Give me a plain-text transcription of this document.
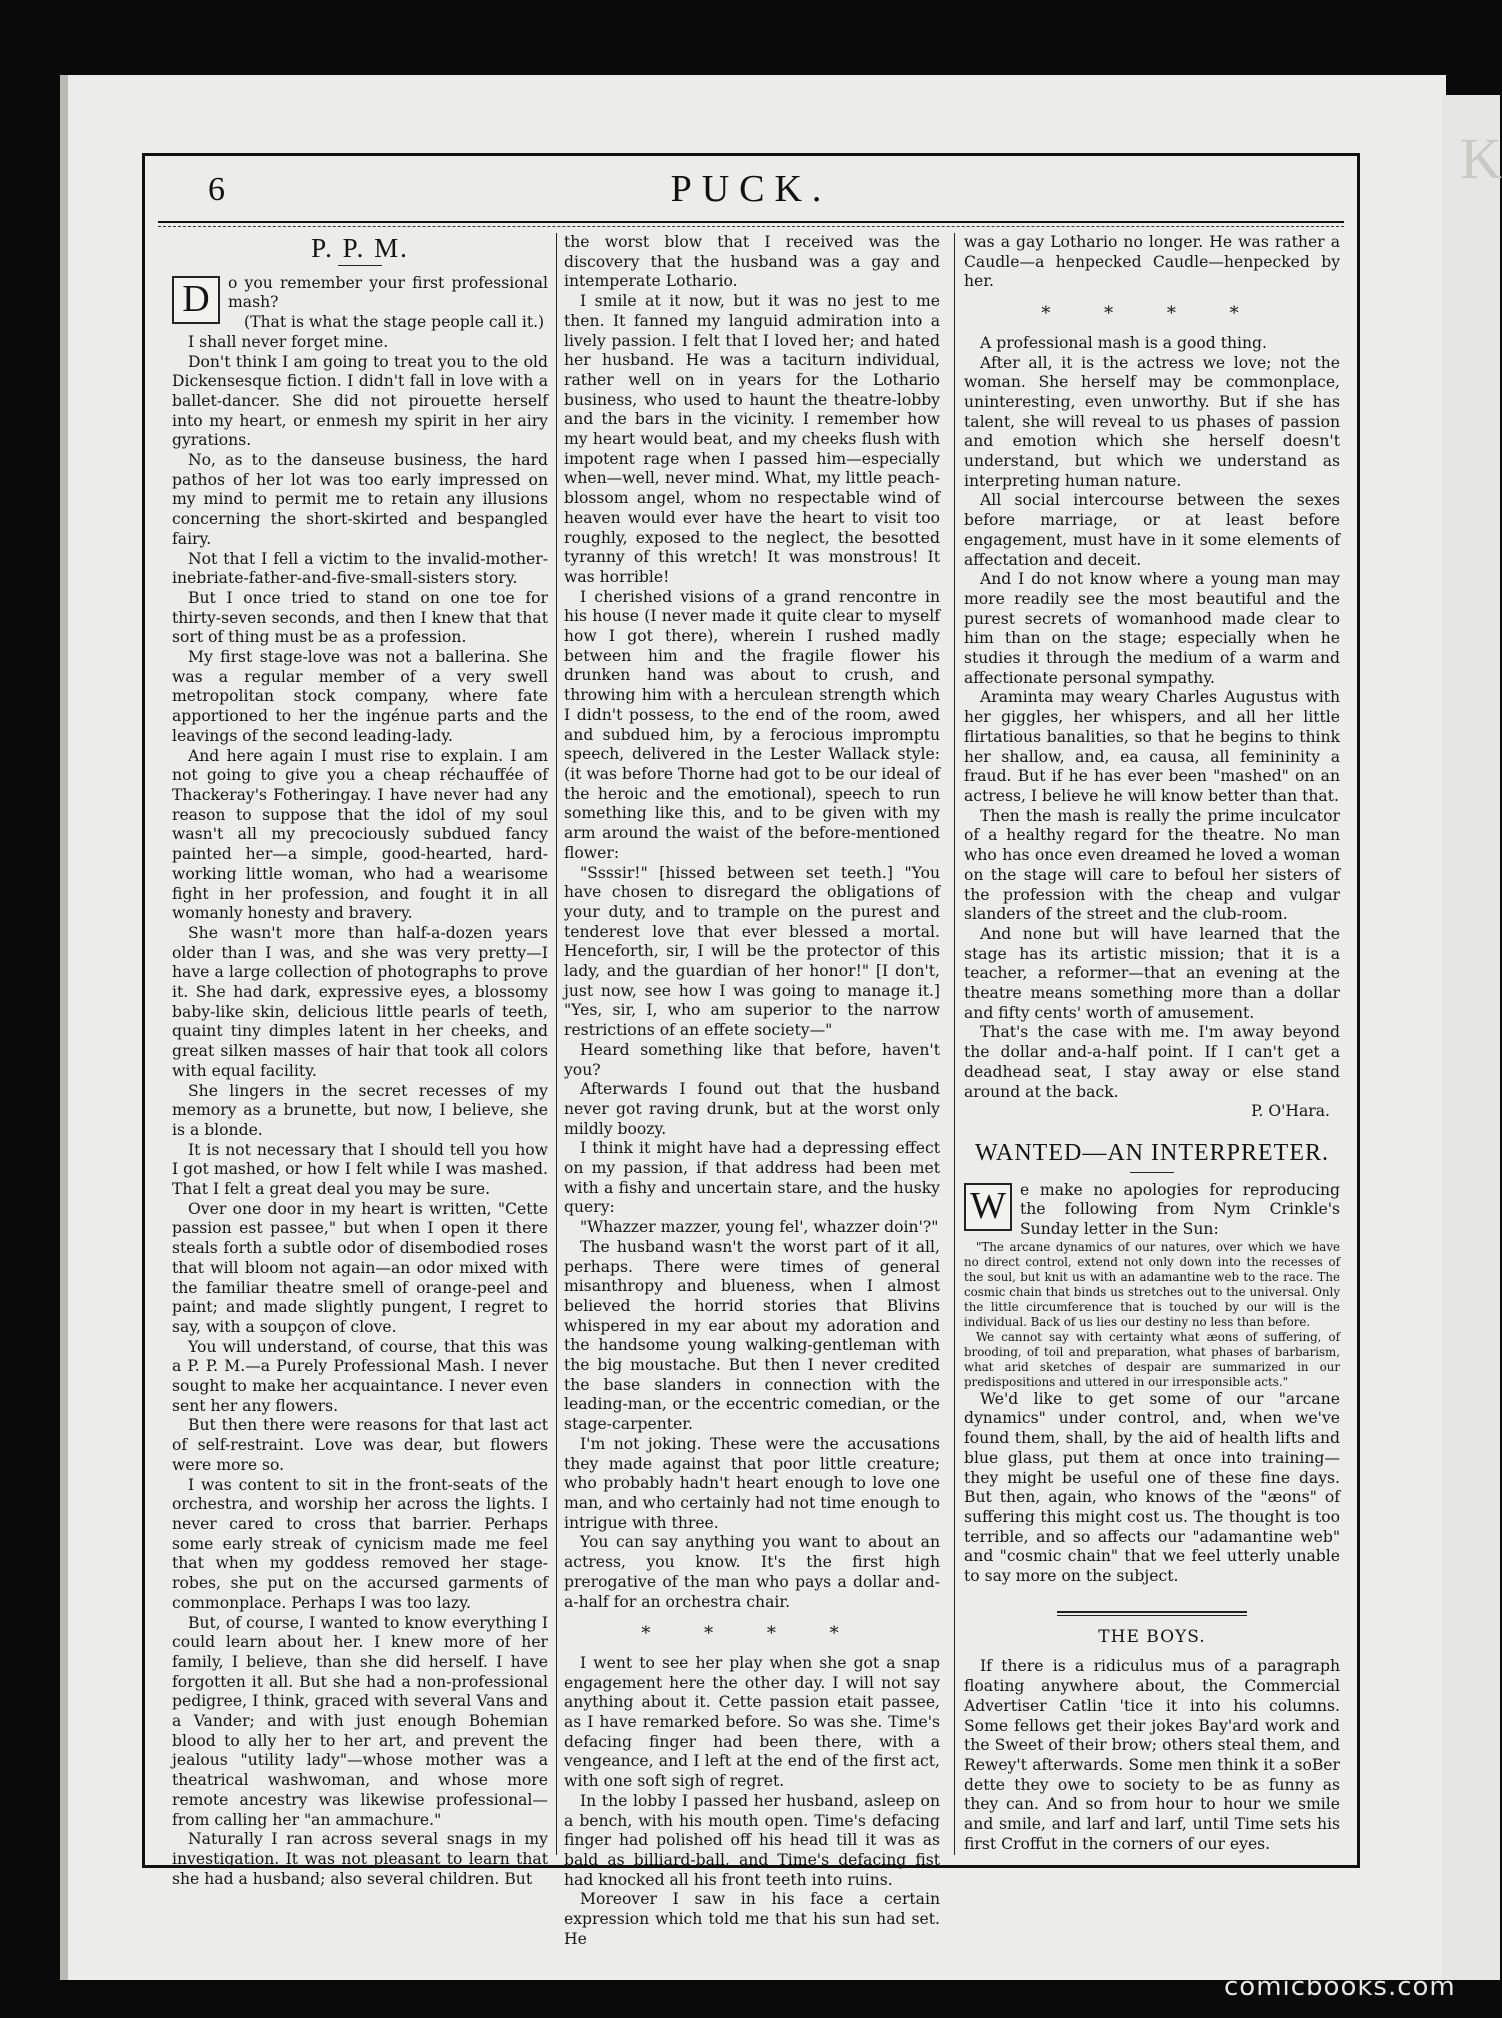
K
6	PUCK.
P. P. M.

D	o you remember your first professional mash?

(That is what the stage people call it.)

I shall never forget mine.

Don't think I am going to treat you to the old Dickensesque fiction. I didn't fall in love with a ballet-dancer. She did not pirouette herself into my heart, or enmesh my spirit in her airy gyrations.

No, as to the danseuse business, the hard pathos of her lot was too early impressed on my mind to permit me to retain any illusions concerning the short-skirted and bespangled fairy.

Not that I fell a victim to the invalid-mother-inebriate-father-and-five-small-sisters story.

But I once tried to stand on one toe for thirty-seven seconds, and then I knew that that sort of thing must be as a profession.

My first stage-love was not a ballerina. She was a regular member of a very swell metropolitan stock company, where fate apportioned to her the ingénue parts and the leavings of the second leading-lady.

And here again I must rise to explain. I am not going to give you a cheap réchauffée of Thackeray's Fotheringay. I have never had any reason to suppose that the idol of my soul wasn't all my precociously subdued fancy painted her—a simple, good-hearted, hard-working little woman, who had a wearisome fight in her profession, and fought it in all womanly honesty and bravery.

She wasn't more than half-a-dozen years older than I was, and she was very pretty—I have a large collection of photographs to prove it. She had dark, expressive eyes, a blossomy baby-like skin, delicious little pearls of teeth, quaint tiny dimples latent in her cheeks, and great silken masses of hair that took all colors with equal facility.

She lingers in the secret recesses of my memory as a brunette, but now, I believe, she is a blonde.

It is not necessary that I should tell you how I got mashed, or how I felt while I was mashed. That I felt a great deal you may be sure.

Over one door in my heart is written, "Cette passion est passee," but when I open it there steals forth a subtle odor of disembodied roses that will bloom not again—an odor mixed with the familiar theatre smell of orange-peel and paint; and made slightly pungent, I regret to say, with a soupçon of clove.

You will understand, of course, that this was a P. P. M.—a Purely Professional Mash. I never sought to make her acquaintance. I never even sent her any flowers.

But then there were reasons for that last act of self-restraint. Love was dear, but flowers were more so.

I was content to sit in the front-seats of the orchestra, and worship her across the lights. I never cared to cross that barrier. Perhaps some early streak of cynicism made me feel that when my goddess removed her stage-robes, she put on the accursed garments of commonplace. Perhaps I was too lazy.

But, of course, I wanted to know everything I could learn about her. I knew more of her family, I believe, than she did herself. I have forgotten it all. But she had a non-professional pedigree, I think, graced with several Vans and a Vander; and with just enough Bohemian blood to ally her to her art, and prevent the jealous "utility lady"—whose mother was a theatrical washwoman, and whose more remote ancestry was likewise professional—from calling her "an ammachure."

Naturally I ran across several snags in my investigation. It was not pleasant to learn that she had a husband; also several children. But

the worst blow that I received was the discovery that the husband was a gay and intemperate Lothario.

I smile at it now, but it was no jest to me then. It fanned my languid admiration into a lively passion. I felt that I loved her; and hated her husband. He was a taciturn individual, rather well on in years for the Lothario business, who used to haunt the theatre-lobby and the bars in the vicinity. I remember how my heart would beat, and my cheeks flush with impotent rage when I passed him—especially when—well, never mind. What, my little peach-blossom angel, whom no respectable wind of heaven would ever have the heart to visit too roughly, exposed to the neglect, the besotted tyranny of this wretch! It was monstrous! It was horrible!

I cherished visions of a grand rencontre in his house (I never made it quite clear to myself how I got there), wherein I rushed madly between him and the fragile flower his drunken hand was about to crush, and throwing him with a herculean strength which I didn't possess, to the end of the room, awed and subdued him, by a ferocious impromptu speech, delivered in the Lester Wallack style: (it was before Thorne had got to be our ideal of the heroic and the emotional), speech to run something like this, and to be given with my arm around the waist of the before-mentioned flower:

"Ssssir!" [hissed between set teeth.] "You have chosen to disregard the obligations of your duty, and to trample on the purest and tenderest love that ever blessed a mortal. Henceforth, sir, I will be the protector of this lady, and the guardian of her honor!" [I don't, just now, see how I was going to manage it.] "Yes, sir, I, who am superior to the narrow restrictions of an effete society—"

Heard something like that before, haven't you?

Afterwards I found out that the husband never got raving drunk, but at the worst only mildly boozy.

I think it might have had a depressing effect on my passion, if that address had been met with a fishy and uncertain stare, and the husky query:

"Whazzer mazzer, young fel', whazzer doin'?"

The husband wasn't the worst part of it all, perhaps. There were times of general misanthropy and blueness, when I almost believed the horrid stories that Blivins whispered in my ear about my adoration and the handsome young walking-gentleman with the big moustache. But then I never credited the base slanders in connection with the leading-man, or the eccentric comedian, or the stage-carpenter.

I'm not joking. These were the accusations they made against that poor little creature; who probably hadn't heart enough to love one man, and who certainly had not time enough to intrigue with three.

You can say anything you want to about an actress, you know. It's the first high prerogative of the man who pays a dollar and-a-half for an orchestra chair.

* * * *

I went to see her play when she got a snap engagement here the other day. I will not say anything about it. Cette passion etait passee, as I have remarked before. So was she. Time's defacing finger had been there, with a vengeance, and I left at the end of the first act, with one soft sigh of regret.

In the lobby I passed her husband, asleep on a bench, with his mouth open. Time's defacing finger had polished off his head till it was as bald as billiard-ball, and Time's defacing fist had knocked all his front teeth into ruins.

Moreover I saw in his face a certain expression which told me that his sun had set. He

was a gay Lothario no longer. He was rather a Caudle—a henpecked Caudle—henpecked by her.

* * * *

A professional mash is a good thing.

After all, it is the actress we love; not the woman. She herself may be commonplace, uninteresting, even unworthy. But if she has talent, she will reveal to us phases of passion and emotion which she herself doesn't understand, but which we understand as interpreting human nature.

All social intercourse between the sexes before marriage, or at least before engagement, must have in it some elements of affectation and deceit.

And I do not know where a young man may more readily see the most beautiful and the purest secrets of womanhood made clear to him than on the stage; especially when he studies it through the medium of a warm and affectionate personal sympathy.

Araminta may weary Charles Augustus with her giggles, her whispers, and all her little flirtatious banalities, so that he begins to think her shallow, and, ea causa, all femininity a fraud. But if he has ever been "mashed" on an actress, I believe he will know better than that.

Then the mash is really the prime inculcator of a healthy regard for the theatre. No man who has once even dreamed he loved a woman on the stage will care to befoul her sisters of the profession with the cheap and vulgar slanders of the street and the club-room.

And none but will have learned that the stage has its artistic mission; that it is a teacher, a reformer—that an evening at the theatre means something more than a dollar and fifty cents' worth of amusement.

That's the case with me. I'm away beyond the dollar and-a-half point. If I can't get a deadhead seat, I stay away or else stand around at the back.

P. O'Hara.
WANTED—AN INTERPRETER.

W e make no apologies for reproducing the following from Nym Crinkle's Sunday letter in the Sun:

"The arcane dynamics of our natures, over which we have no direct control, extend not only down into the recesses of the soul, but knit us with an adamantine web to the race. The cosmic chain that binds us stretches out to the universal. Only the little circumference that is touched by our will is the individual. Back of us lies our destiny no less than before.

We cannot say with certainty what æons of suffering, of brooding, of toil and preparation, what phases of barbarism, what arid sketches of despair are summarized in our predispositions and uttered in our irresponsible acts."

We'd like to get some of our "arcane dynamics" under control, and, when we've found them, shall, by the aid of health lifts and blue glass, put them at once into training—they might be useful one of these fine days. But then, again, who knows of the "æons" of suffering this might cost us. The thought is too terrible, and so affects our "adamantine web" and "cosmic chain" that we feel utterly unable to say more on the subject.

THE BOYS.

If there is a ridiculus mus of a paragraph floating anywhere about, the Commercial Advertiser Catlin 'tice it into his columns. Some fellows get their jokes Bay'ard work and the Sweet of their brow; others steal them, and Rewey't afterwards. Some men think it a soBer dette they owe to society to be as funny as they can. And so from hour to hour we smile and smile, and larf and larf, until Time sets his first Croffut in the corners of our eyes.

comicbooks.com
